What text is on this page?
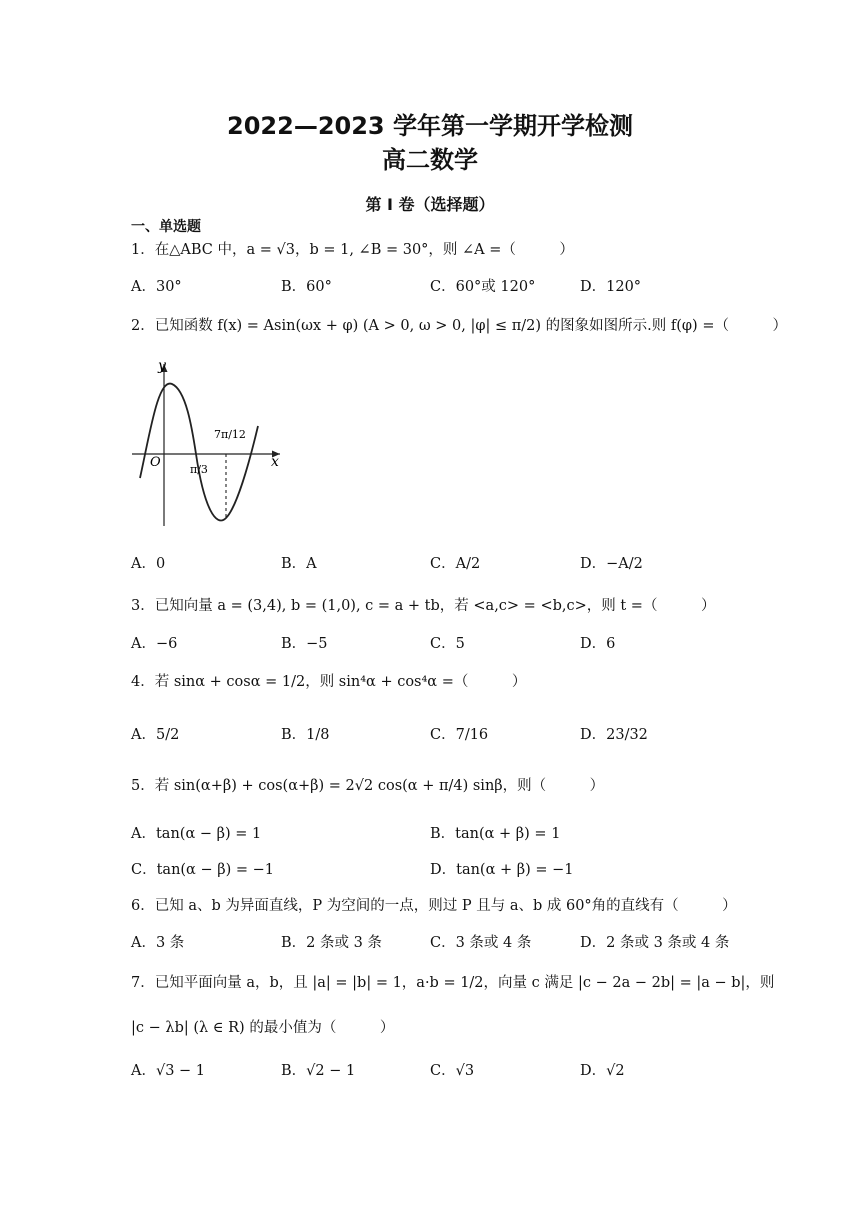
2022—2023 学年第一学期开学检测
高二数学
第 I 卷（选择题）
一、单选题
1．在△ABC 中，a = √3，b = 1, ∠B = 30°，则 ∠A =（　　　）
A．30°	B．60°	C．60°或 120°	D．120°
2．已知函数 f(x) = Asin(ωx + φ) (A > 0, ω > 0, |φ| ≤ π/2) 的图象如图所示.则 f(φ) =（　　　）
y
x
O	π/3
7π/12
A．0	B．A	C．A/2	D．−A/2
3．已知向量 a = (3,4), b = (1,0), c = a + tb，若 <a,c> = <b,c>，则 t =（　　　）
A．−6	B．−5	C．5	D．6
4．若 sinα + cosα = 1/2，则 sin⁴α + cos⁴α =（　　　）
A．5/2	B．1/8	C．7/16	D．23/32
5．若 sin(α+β) + cos(α+β) = 2√2 cos(α + π/4) sinβ，则（　　　）
A．tan(α − β) = 1	B．tan(α + β) = 1
C．tan(α − β) = −1	D．tan(α + β) = −1
6．已知 a、b 为异面直线，P 为空间的一点，则过 P 且与 a、b 成 60°角的直线有（　　　）
A．3 条	B．2 条或 3 条	C．3 条或 4 条	D．2 条或 3 条或 4 条
7．已知平面向量 a，b，且 |a| = |b| = 1，a·b = 1/2，向量 c 满足 |c − 2a − 2b| = |a − b|，则
|c − λb| (λ ∈ R) 的最小值为（　　　）
A．√3 − 1	B．√2 − 1	C．√3	D．√2
